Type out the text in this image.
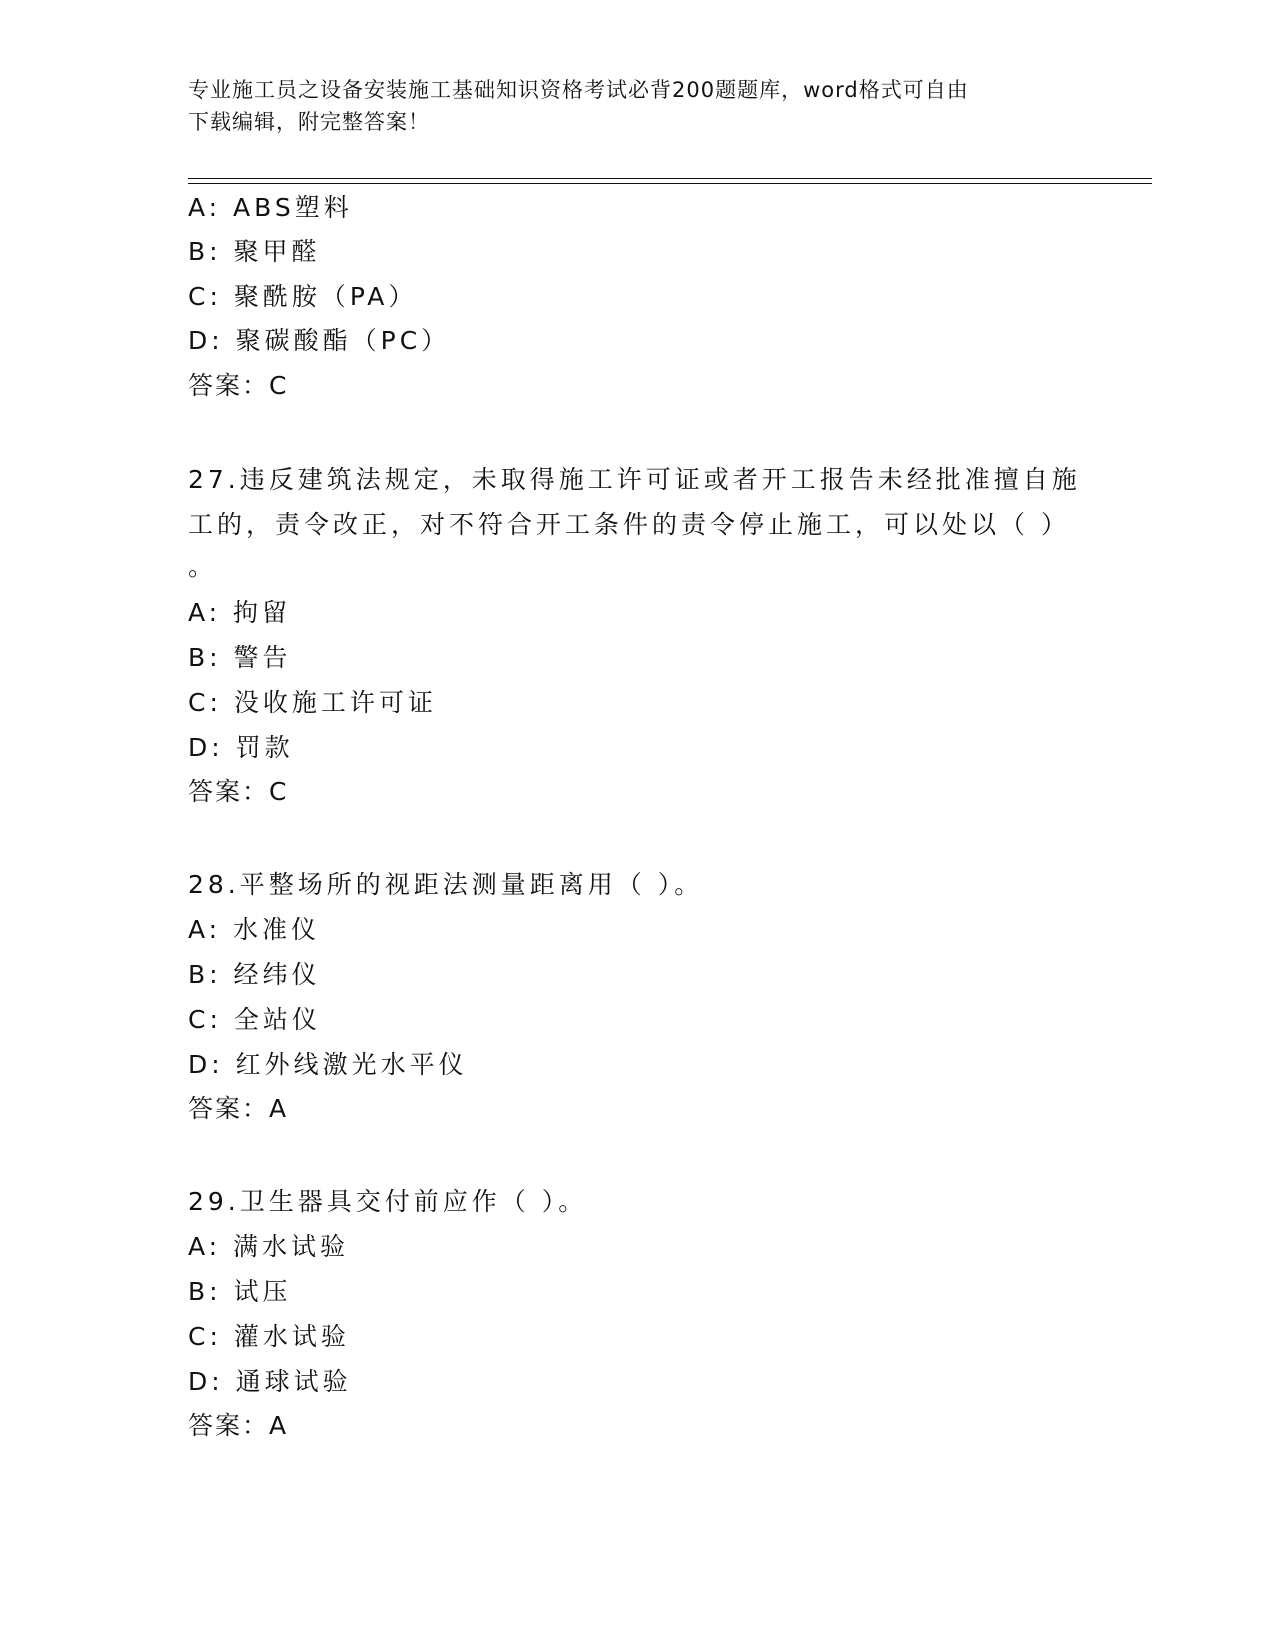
专业施工员之设备安装施工基础知识资格考试必背200题题库，word格式可自由
下载编辑，附完整答案！
A: ABS塑料
B: 聚甲醛
C: 聚酰胺（PA）
D: 聚碳酸酯（PC）
答案：C
27.违反建筑法规定，未取得施工许可证或者开工报告未经批准擅自施
工的，责令改正，对不符合开工条件的责令停止施工，可以处以（ ）
。
A: 拘留
B: 警告
C: 没收施工许可证
D: 罚款
答案：C
28.平整场所的视距法测量距离用（ ）。
A: 水准仪
B: 经纬仪
C: 全站仪
D: 红外线激光水平仪
答案：A
29.卫生器具交付前应作（ ）。
A: 满水试验
B: 试压
C: 灌水试验
D: 通球试验
答案：A
